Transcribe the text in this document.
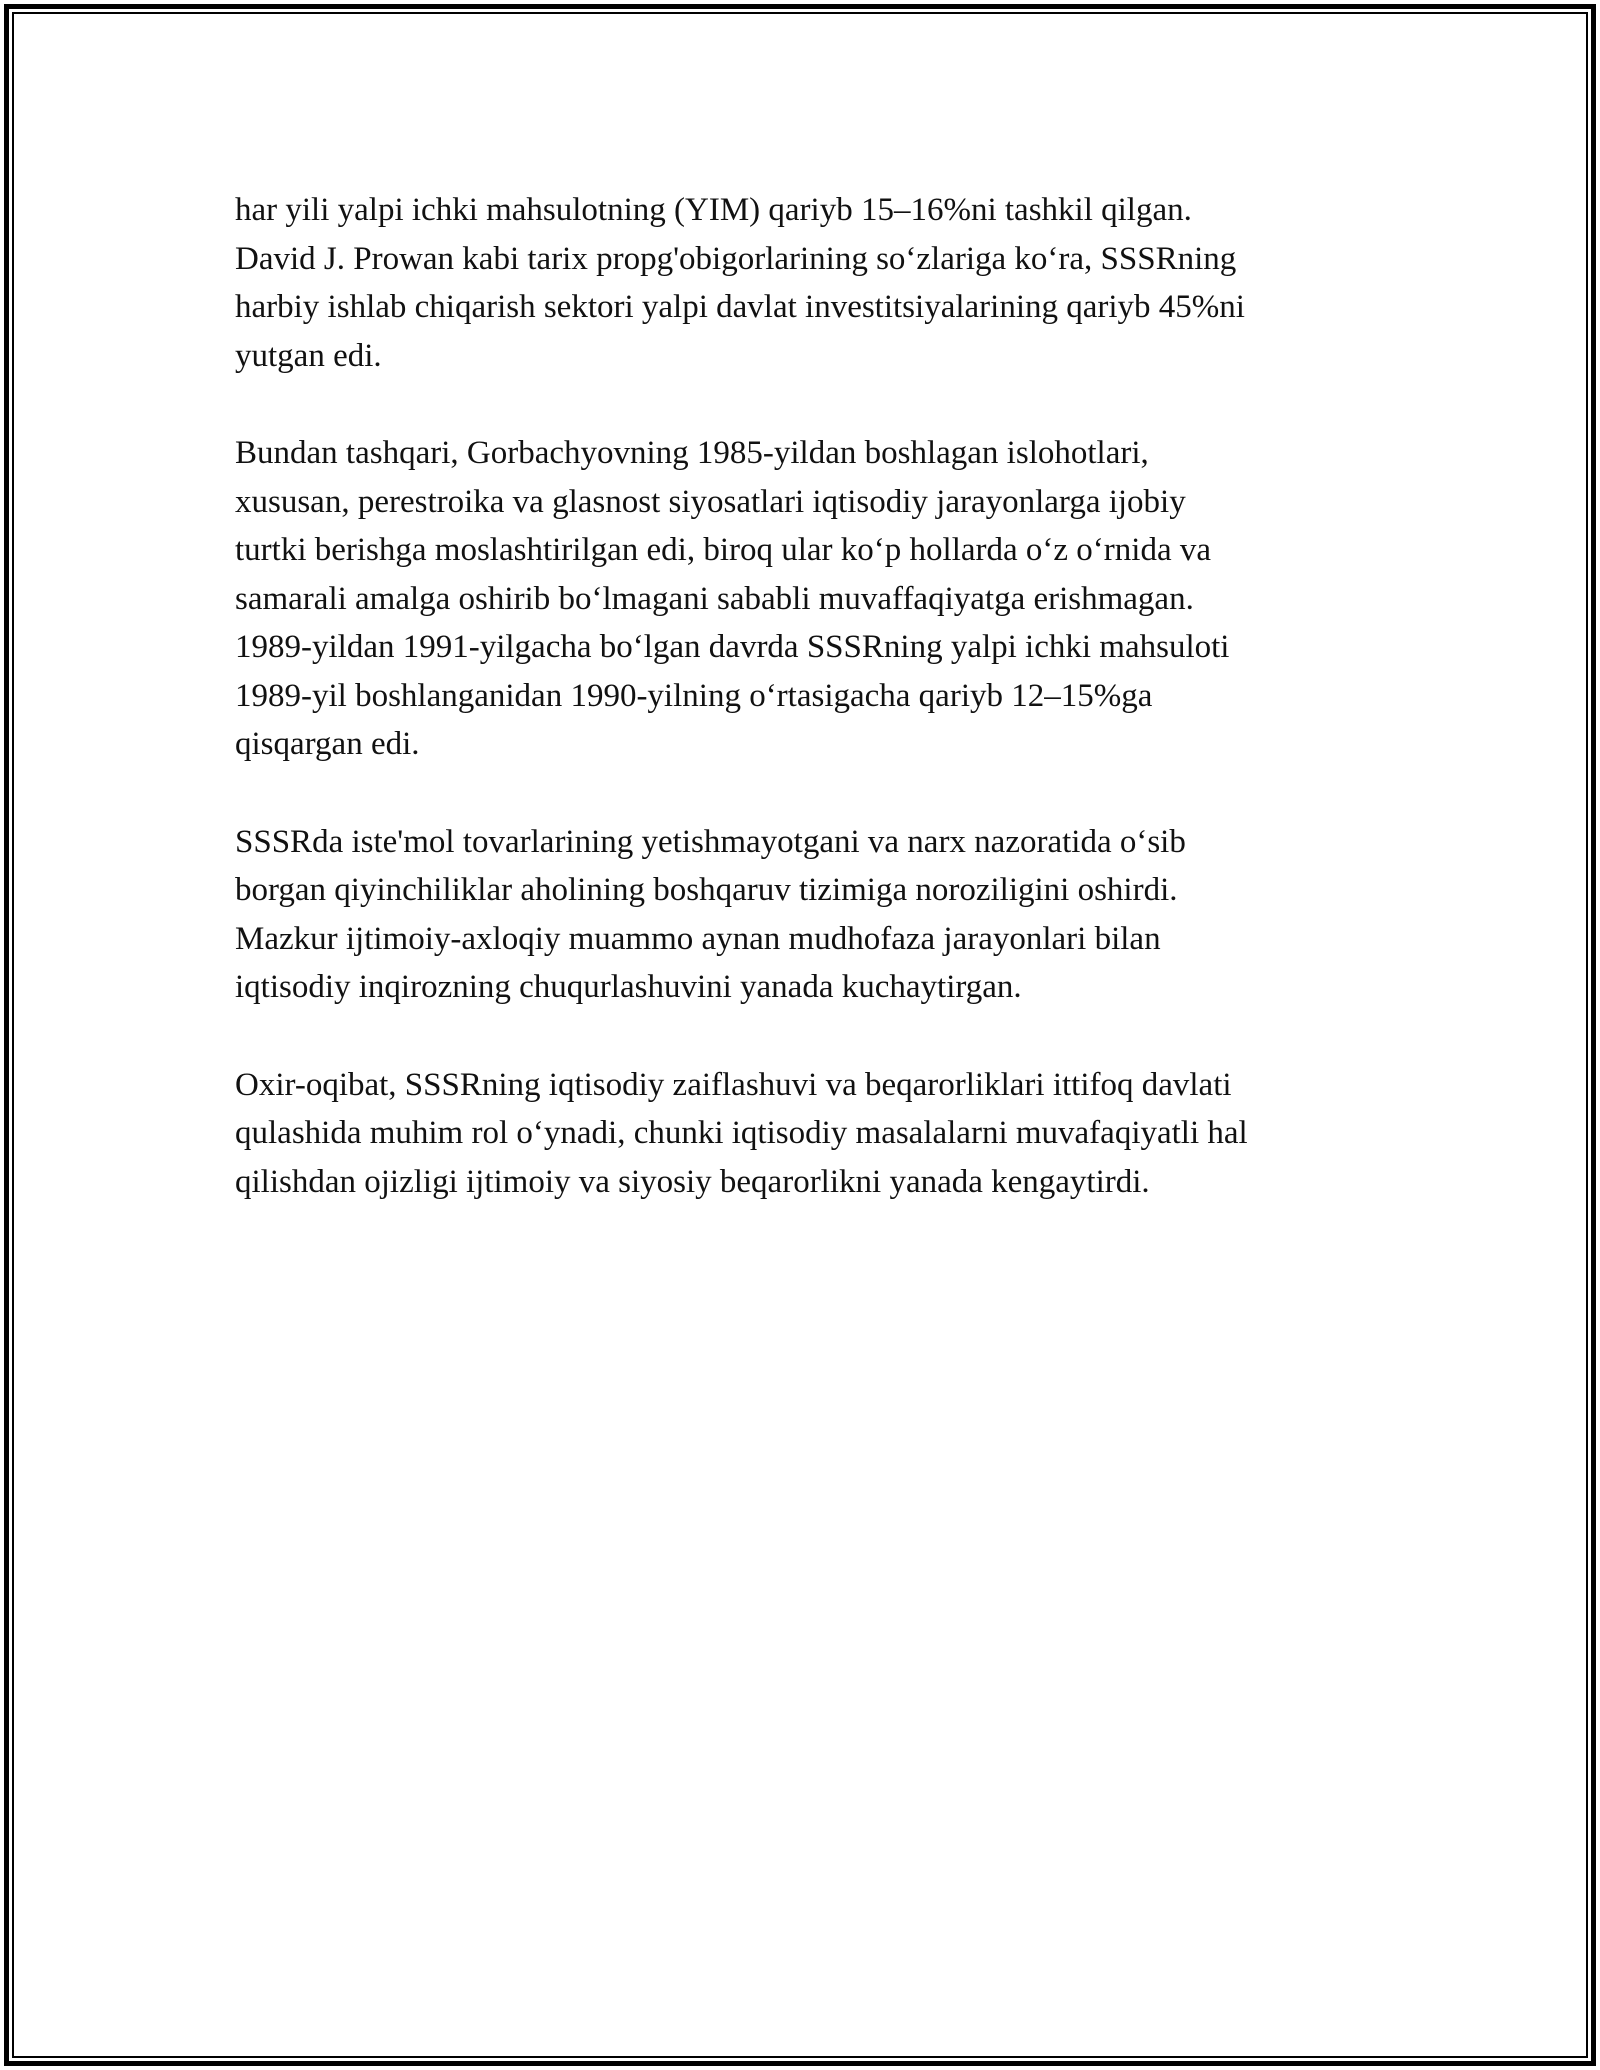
har yili yalpi ichki mahsulotning (YIM) qariyb 15–16%ni tashkil qilgan.
David J. Prowan kabi tarix propg'obigorlarining so‘zlariga ko‘ra, SSSRning
harbiy ishlab chiqarish sektori yalpi davlat investitsiyalarining qariyb 45%ni
yutgan edi.

Bundan tashqari, Gorbachyovning 1985-yildan boshlagan islohotlari,
xususan, perestroika va glasnost siyosatlari iqtisodiy jarayonlarga ijobiy
turtki berishga moslashtirilgan edi, biroq ular ko‘p hollarda o‘z o‘rnida va
samarali amalga oshirib bo‘lmagani sababli muvaffaqiyatga erishmagan.
1989-yildan 1991-yilgacha bo‘lgan davrda SSSRning yalpi ichki mahsuloti
1989-yil boshlanganidan 1990-yilning o‘rtasigacha qariyb 12–15%ga
qisqargan edi.

SSSRda iste'mol tovarlarining yetishmayotgani va narx nazoratida o‘sib
borgan qiyinchiliklar aholining boshqaruv tizimiga noroziligini oshirdi.
Mazkur ijtimoiy-axloqiy muammo aynan mudhofaza jarayonlari bilan
iqtisodiy inqirozning chuqurlashuvini yanada kuchaytirgan.

Oxir-oqibat, SSSRning iqtisodiy zaiflashuvi va beqarorliklari ittifoq davlati
qulashida muhim rol o‘ynadi, chunki iqtisodiy masalalarni muvafaqiyatli hal
qilishdan ojizligi ijtimoiy va siyosiy beqarorlikni yanada kengaytirdi.
